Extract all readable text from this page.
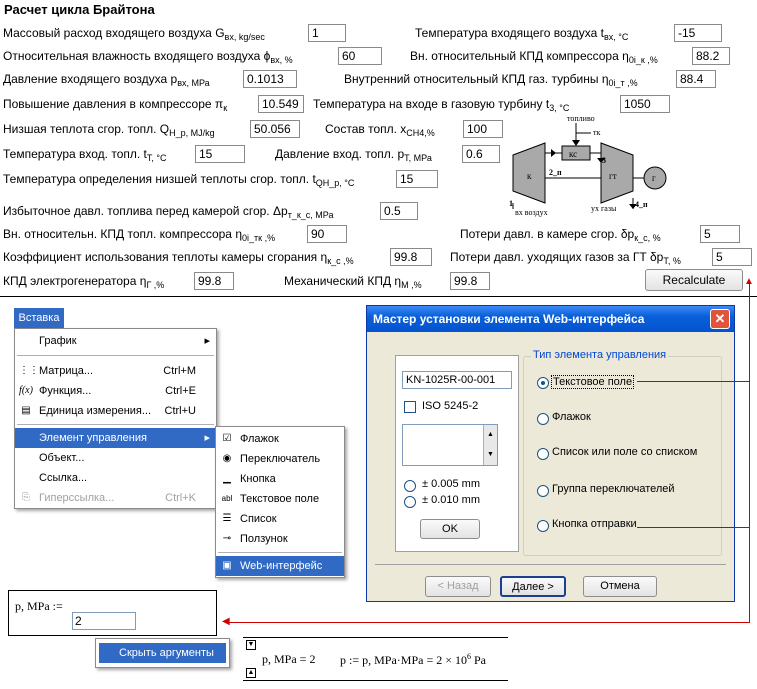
Расчет цикла Брайтона
Массовый расход входящего воздуха $G_{вх, kg/sec}$	1	Температура входящего воздуха $t_{вх, ^\circ C}$	-15
Относительная влажность входящего воздуха $\phi_{вх, \%}$	60	Вн. относительный КПД компрессора $\eta_{0i\_к ,\%}$	88.2
Давление входящего воздуха $p_{вх, МРа}$	0.1013	Внутренний относительный КПД газ. турбины $\eta_{0i\_т ,\%}$	88.4
Повышение давления в компрессоре $\pi_к$	10.549	Температура на входе в газовую турбину $t_{3, ^\circ C}$	1050
Низшая теплота сгор. топл. $Q_{Н\_р, MJ/kg}$	50.056	Состав топл. $x_{CH4,\%}$	100
Температура вход. топл. $t_{Т, ^\circ C}$	15	Давление вход. топл. $p_{Т, МРа}$	0.6
Температура определения низшей теплоты сгор. топл. $t_{QН\_р, ^\circ C}$	15
Избыточное давл. топлива перед камерой сгор. $\Delta p_{т\_к\_с, МРа}$	0.5
Вн. относительн. КПД топл. компрессора $\eta_{0i\_тк ,\%}$	90	Потери давл. в камере сгор. $\delta p_{к\_с, \%}$	5
Коэффициент использования теплоты камеры сгорания $\eta_{к\_с ,\%}$	99.8	Потери давл. уходящих газов за ГТ $\delta p_{Т, \%}$	5
КПД электрогенератора $\eta_{Г ,\%}$	99.8	Механический КПД $\eta_{М ,\%}$	99.8	Recalculate
топливо
тк
к
кс
гт	г
1
2_п
3
4_п
вх воздух	ух газы
Вставка
График	▸
⋮⋮ Матрица...	Ctrl+M
f(x) Функция...	Ctrl+E
▤ Единица измерения... Ctrl+U
Элемент управления	▸
Объект...
Ссылка...
⎘ Гиперссылка...	Ctrl+K
☑ Флажок
◉ Переключатель
▁ Кнопка
abl Текстовое поле
☰ Список
⊸ Ползунок
▣ Web-интерфейс
Мастер установки элемента Web-интерфейса	✕
KN-1025R-00-001
ISO 5245-2
▲
▼
± 0.005 mm
± 0.010 mm
OK
Тип элемента управления
Текстовое поле
Флажок
Список или поле со списком
Группа переключателей
Кнопка отправки
< Назад	Далее >	Отмена
p, MPa :=
2
Скрыть аргументы
▼
▲
p, MPa = 2 p := p, $MPa\cdot MPa = 2 \times 10^6$ Pa
▲
◀
